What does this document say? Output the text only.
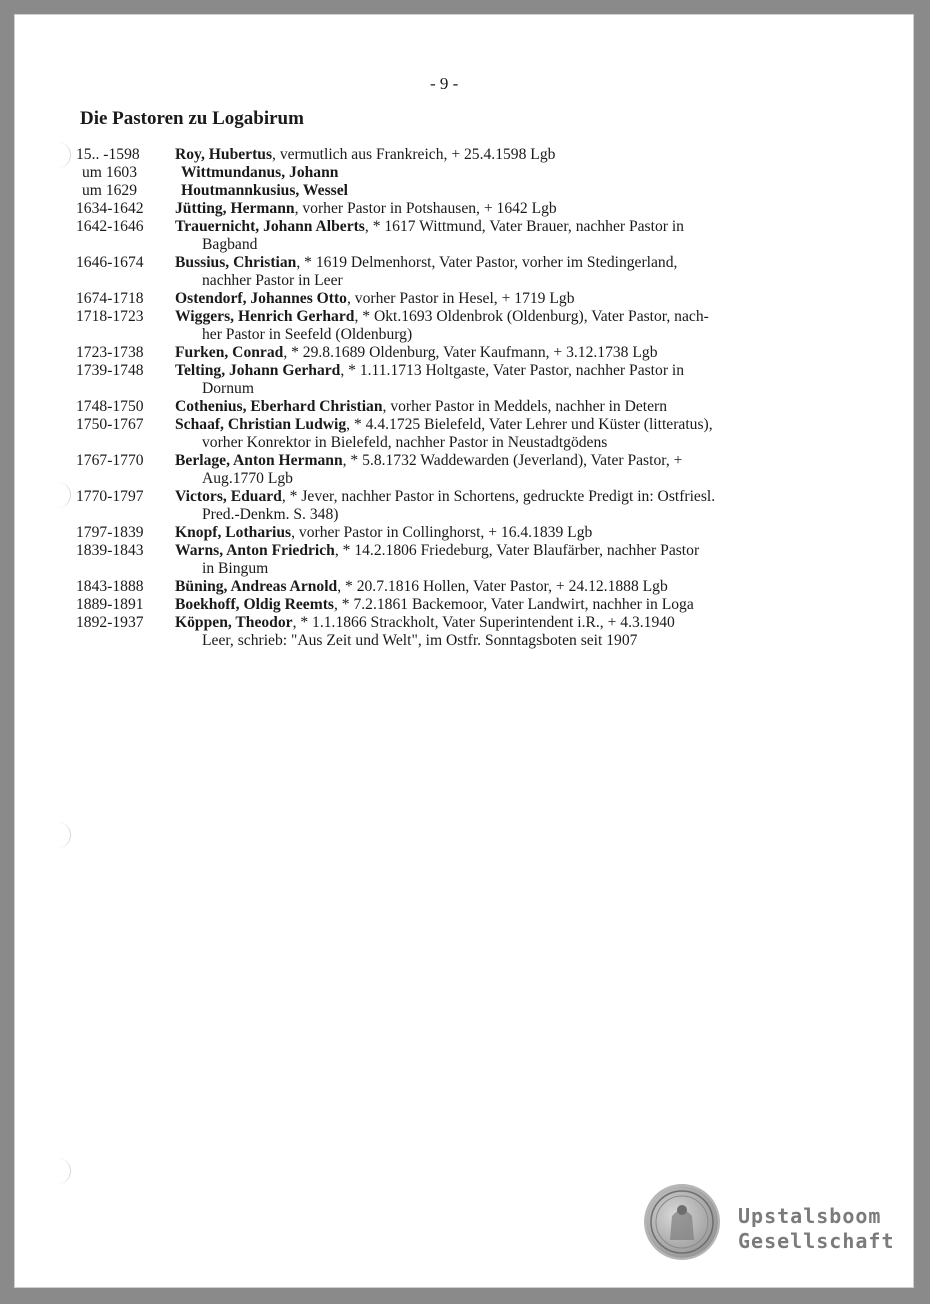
- 9 -
Die Pastoren zu Logabirum
15.. -1598	Roy, Hubertus, vermutlich aus Frankreich, + 25.4.1598 Lgb
um 1603	Wittmundanus, Johann
um 1629	Houtmannkusius, Wessel
1634-1642	Jütting, Hermann, vorher Pastor in Potshausen, + 1642 Lgb
1642-1646	Trauernicht, Johann Alberts, * 1617 Wittmund, Vater Brauer, nachher Pastor in
Bagband
1646-1674	Bussius, Christian, * 1619 Delmenhorst, Vater Pastor, vorher im Stedingerland,
nachher Pastor in Leer
1674-1718	Ostendorf, Johannes Otto, vorher Pastor in Hesel, + 1719 Lgb
1718-1723	Wiggers, Henrich Gerhard, * Okt.1693 Oldenbrok (Oldenburg), Vater Pastor, nach-
her Pastor in Seefeld (Oldenburg)
1723-1738	Furken, Conrad, * 29.8.1689 Oldenburg, Vater Kaufmann, + 3.12.1738 Lgb
1739-1748	Telting, Johann Gerhard, * 1.11.1713 Holtgaste, Vater Pastor, nachher Pastor in
Dornum
1748-1750	Cothenius, Eberhard Christian, vorher Pastor in Meddels, nachher in Detern
1750-1767	Schaaf, Christian Ludwig, * 4.4.1725 Bielefeld, Vater Lehrer und Küster (litteratus),
vorher Konrektor in Bielefeld, nachher Pastor in Neustadtgödens
1767-1770	Berlage, Anton Hermann, * 5.8.1732 Waddewarden (Jeverland), Vater Pastor, +
Aug.1770 Lgb
1770-1797	Victors, Eduard, * Jever, nachher Pastor in Schortens, gedruckte Predigt in: Ostfriesl.
Pred.-Denkm. S. 348)
1797-1839	Knopf, Lotharius, vorher Pastor in Collinghorst, + 16.4.1839 Lgb
1839-1843	Warns, Anton Friedrich, * 14.2.1806 Friedeburg, Vater Blaufärber, nachher Pastor
in Bingum
1843-1888	Büning, Andreas Arnold, * 20.7.1816 Hollen, Vater Pastor, + 24.12.1888 Lgb
1889-1891	Boekhoff, Oldig Reemts, * 7.2.1861 Backemoor, Vater Landwirt, nachher in Loga
1892-1937	Köppen, Theodor, * 1.1.1866 Strackholt, Vater Superintendent i.R., + 4.3.1940
Leer, schrieb: "Aus Zeit und Welt", im Ostfr. Sonntagsboten seit 1907
Upstalsboom
Gesellschaft
